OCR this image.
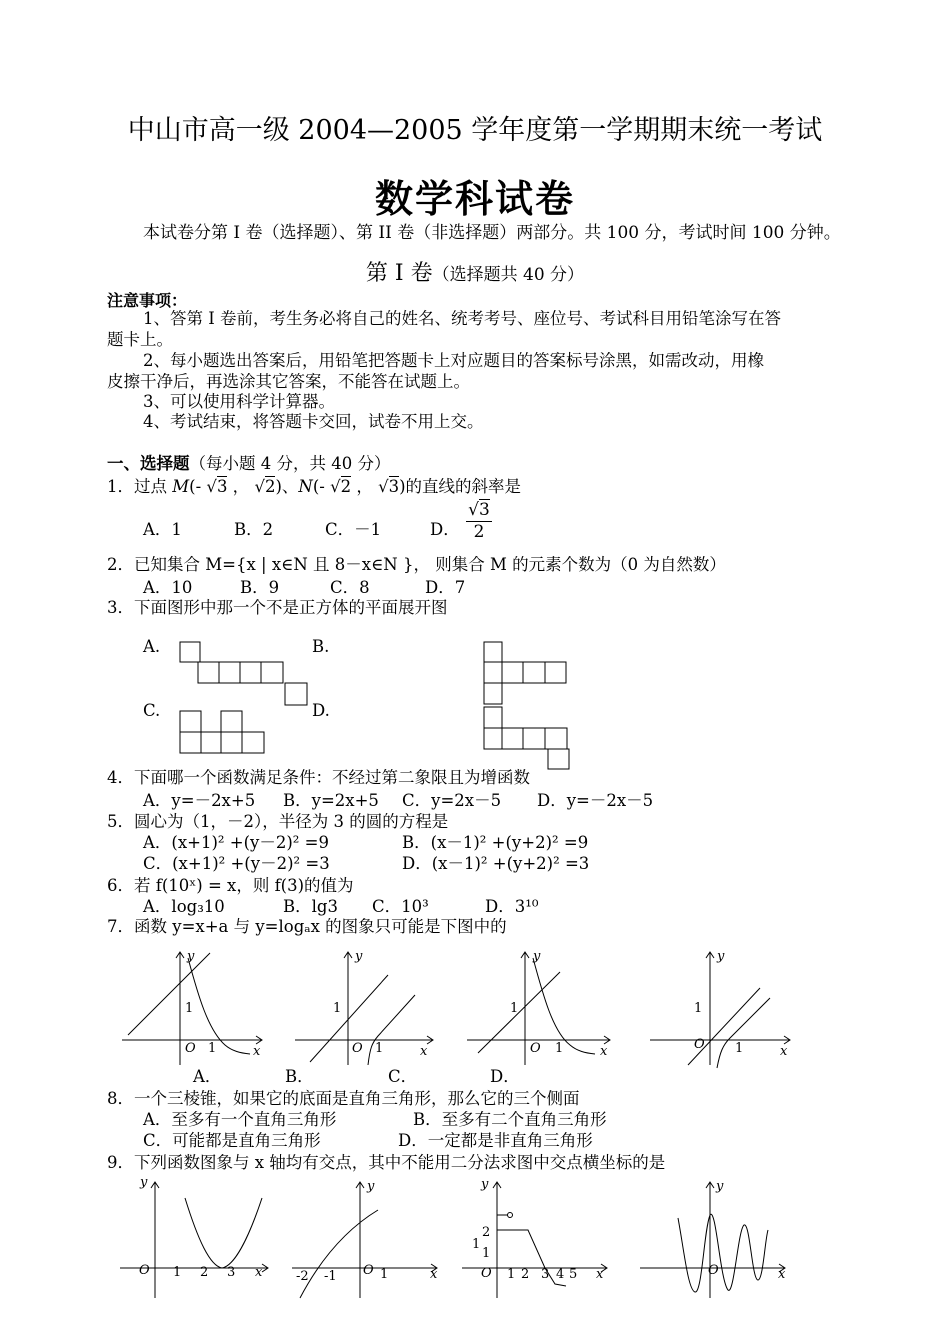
中山市高一级 2004—2005 学年度第一学期期末统一考试
数学科试卷
本试卷分第 I 卷（选择题）、第 II 卷（非选择题）两部分。共 100 分，考试时间 100 分钟。
第 I 卷（选择题共 40 分）
注意事项：
1、答第 I 卷前，考生务必将自己的姓名、统考考号、座位号、考试科目用铅笔涂写在答
题卡上。
2、每小题选出答案后，用铅笔把答题卡上对应题目的答案标号涂黑，如需改动，用橡
皮擦干净后，再选涂其它答案，不能答在试题上。
3、可以使用科学计算器。
4、考试结束，将答题卡交回，试卷不用上交。
一、选择题（每小题 4 分，共 40 分）
1．过点 M(- √3 ， √2)、N(- √2 ， √3)的直线的斜率是
A．1	B．2	C．－1	D． $\frac{√3}{2}$
2．已知集合 M={x | x∈N 且 8－x∈N }， 则集合 M 的元素个数为（0 为自然数）
A．10	B．9	C．8	D．7
3．下面图形中那一个不是正方体的平面展开图
A.	B.
C.	D.
4．下面哪一个函数满足条件：不经过第二象限且为增函数
A．y=－2x+5 B．y=2x+5 C．y=2x－5 D．y=－2x－5
5．圆心为（1，－2），半径为 3 的圆的方程是
A．(x+1)² +(y－2)² =9	B．(x－1)² +(y+2)² =9
C．(x+1)² +(y－2)² =3	D．(x－1)² +(y+2)² =3
6．若 f(10ˣ) = x，则 f(3)的值为
A．log₃10	B．lg3 C．10³	D．3¹⁰
7．函数 y=x+a 与 y=logₐx 的图象只可能是下图中的
y
x
O
1
1
y
x
O
1
1
y
x
O
1
1
y
x
O
1
1
A．	B．	C．	D．
8．一个三棱锥，如果它的底面是直角三角形，那么它的三个侧面
A．至多有一个直角三角形	B．至多有二个直角三角形
C．可能都是直角三角形	D．一定都是非直角三角形
9．下列函数图象与 x 轴均有交点，其中不能用二分法求图中交点横坐标的是
y
x
O 1 2 3
y
x
O
-2 -1	1
y
x
O
1
2
1
1 2 3 4 5
y
x
O
